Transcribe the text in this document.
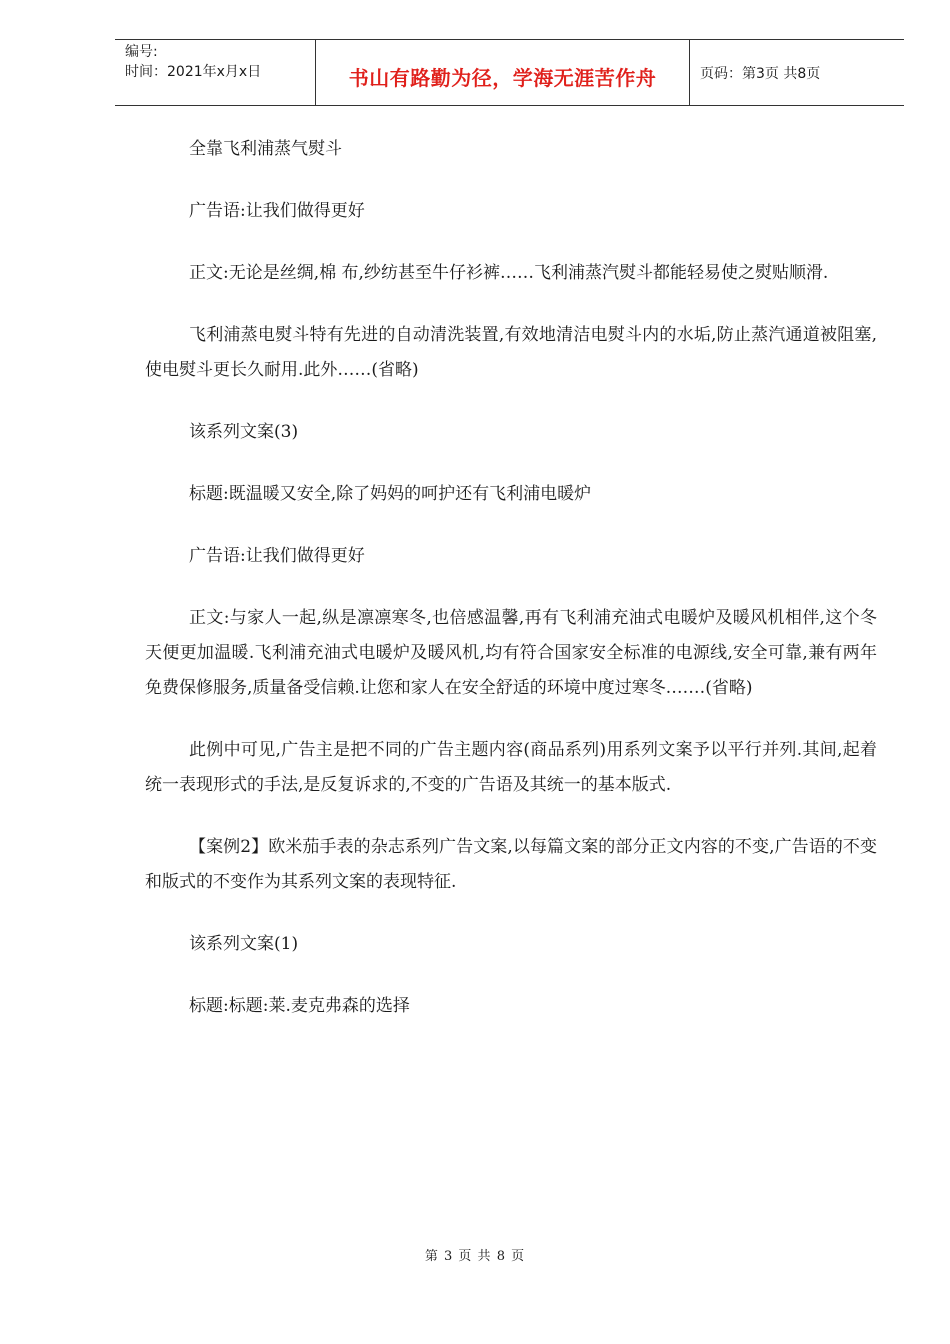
编号:
时间：2021年x月x日	书山有路勤为径，学海无涯苦作舟	页码：第3页 共8页

全靠飞利浦蒸气熨斗

广告语:让我们做得更好

正文:无论是丝绸,棉 布,纱纺甚至牛仔衫裤……飞利浦蒸汽熨斗都能轻易使之熨贴顺滑.

飞利浦蒸电熨斗特有先进的自动清洗装置,有效地清洁电熨斗内的水垢,防止蒸汽通道被阻塞,使电熨斗更长久耐用.此外……(省略)

该系列文案(3)

标题:既温暖又安全,除了妈妈的呵护还有飞利浦电暖炉

广告语:让我们做得更好

正文:与家人一起,纵是凛凛寒冬,也倍感温馨,再有飞利浦充油式电暖炉及暖风机相伴,这个冬天便更加温暖.飞利浦充油式电暖炉及暖风机,均有符合国家安全标准的电源线,安全可靠,兼有两年免费保修服务,质量备受信赖.让您和家人在安全舒适的环境中度过寒冬.……(省略)

此例中可见,广告主是把不同的广告主题内容(商品系列)用系列文案予以平行并列.其间,起着统一表现形式的手法,是反复诉求的,不变的广告语及其统一的基本版式.

【案例2】欧米茄手表的杂志系列广告文案,以每篇文案的部分正文内容的不变,广告语的不变和版式的不变作为其系列文案的表现特征.

该系列文案(1)

标题:标题:莱.麦克弗森的选择

第 3 页 共 8 页
